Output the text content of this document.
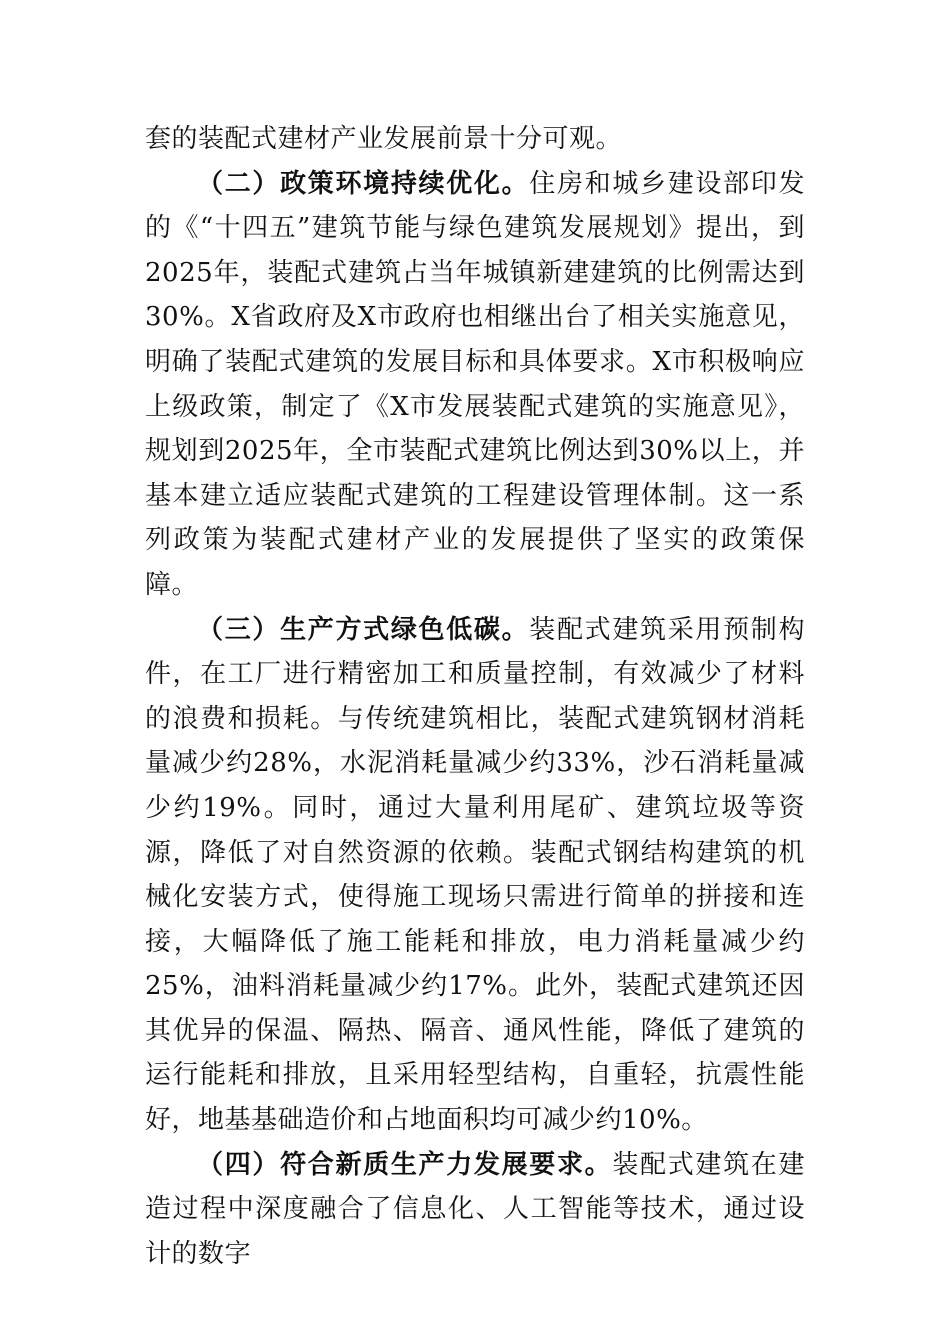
套的装配式建材产业发展前景十分可观。

（二）政策环境持续优化。住房和城乡建设部印发的《“十四五”建筑节能与绿色建筑发展规划》提出，到2025年，装配式建筑占当年城镇新建建筑的比例需达到30%。X省政府及X市政府也相继出台了相关实施意见，明确了装配式建筑的发展目标和具体要求。X市积极响应上级政策，制定了《X市发展装配式建筑的实施意见》，规划到2025年，全市装配式建筑比例达到30%以上，并基本建立适应装配式建筑的工程建设管理体制。这一系列政策为装配式建材产业的发展提供了坚实的政策保障。

（三）生产方式绿色低碳。装配式建筑采用预制构件，在工厂进行精密加工和质量控制，有效减少了材料的浪费和损耗。与传统建筑相比，装配式建筑钢材消耗量减少约28%，水泥消耗量减少约33%，沙石消耗量减少约19%。同时，通过大量利用尾矿、建筑垃圾等资源，降低了对自然资源的依赖。装配式钢结构建筑的机械化安装方式，使得施工现场只需进行简单的拼接和连接，大幅降低了施工能耗和排放，电力消耗量减少约25%，油料消耗量减少约17%。此外，装配式建筑还因其优异的保温、隔热、隔音、通风性能，降低了建筑的运行能耗和排放，且采用轻型结构，自重轻，抗震性能好，地基基础造价和占地面积均可减少约10%。

（四）符合新质生产力发展要求。装配式建筑在建造过程中深度融合了信息化、人工智能等技术，通过设计的数字
